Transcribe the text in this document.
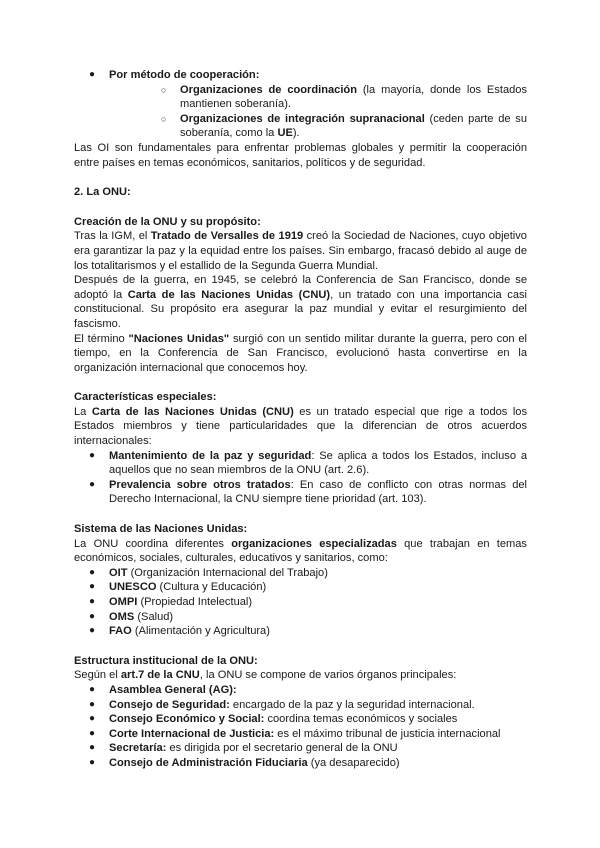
● Por método de cooperación:
○ Organizaciones de coordinación (la mayoría, donde los Estados mantienen soberanía).
○ Organizaciones de integración supranacional (ceden parte de su soberanía, como la UE).

Las OI son fundamentales para enfrentar problemas globales y permitir la cooperación entre países en temas económicos, sanitarios, políticos y de seguridad.

2. La ONU:

Creación de la ONU y su propósito:

Tras la IGM, el Tratado de Versalles de 1919 creó la Sociedad de Naciones, cuyo objetivo era garantizar la paz y la equidad entre los países. Sin embargo, fracasó debido al auge de los totalitarismos y el estallido de la Segunda Guerra Mundial.

Después de la guerra, en 1945, se celebró la Conferencia de San Francisco, donde se adoptó la Carta de las Naciones Unidas (CNU), un tratado con una importancia casi constitucional. Su propósito era asegurar la paz mundial y evitar el resurgimiento del fascismo.

El término "Naciones Unidas" surgió con un sentido militar durante la guerra, pero con el tiempo, en la Conferencia de San Francisco, evolucionó hasta convertirse en la organización internacional que conocemos hoy.

Características especiales:

La Carta de las Naciones Unidas (CNU) es un tratado especial que rige a todos los Estados miembros y tiene particularidades que la diferencian de otros acuerdos internacionales:

● Mantenimiento de la paz y seguridad: Se aplica a todos los Estados, incluso a aquellos que no sean miembros de la ONU (art. 2.6).
● Prevalencia sobre otros tratados: En caso de conflicto con otras normas del Derecho Internacional, la CNU siempre tiene prioridad (art. 103).

Sistema de las Naciones Unidas:

La ONU coordina diferentes organizaciones especializadas que trabajan en temas económicos, sociales, culturales, educativos y sanitarios, como:

● OIT (Organización Internacional del Trabajo)
● UNESCO (Cultura y Educación)
● OMPI (Propiedad Intelectual)
● OMS (Salud)
● FAO (Alimentación y Agricultura)

Estructura institucional de la ONU:

Según el art.7 de la CNU, la ONU se compone de varios órganos principales:

● Asamblea General (AG):
● Consejo de Seguridad: encargado de la paz y la seguridad internacional.
● Consejo Económico y Social: coordina temas económicos y sociales
● Corte Internacional de Justicia: es el máximo tribunal de justicia internacional
● Secretaría: es dirigida por el secretario general de la ONU
● Consejo de Administración Fiduciaria (ya desaparecido)
